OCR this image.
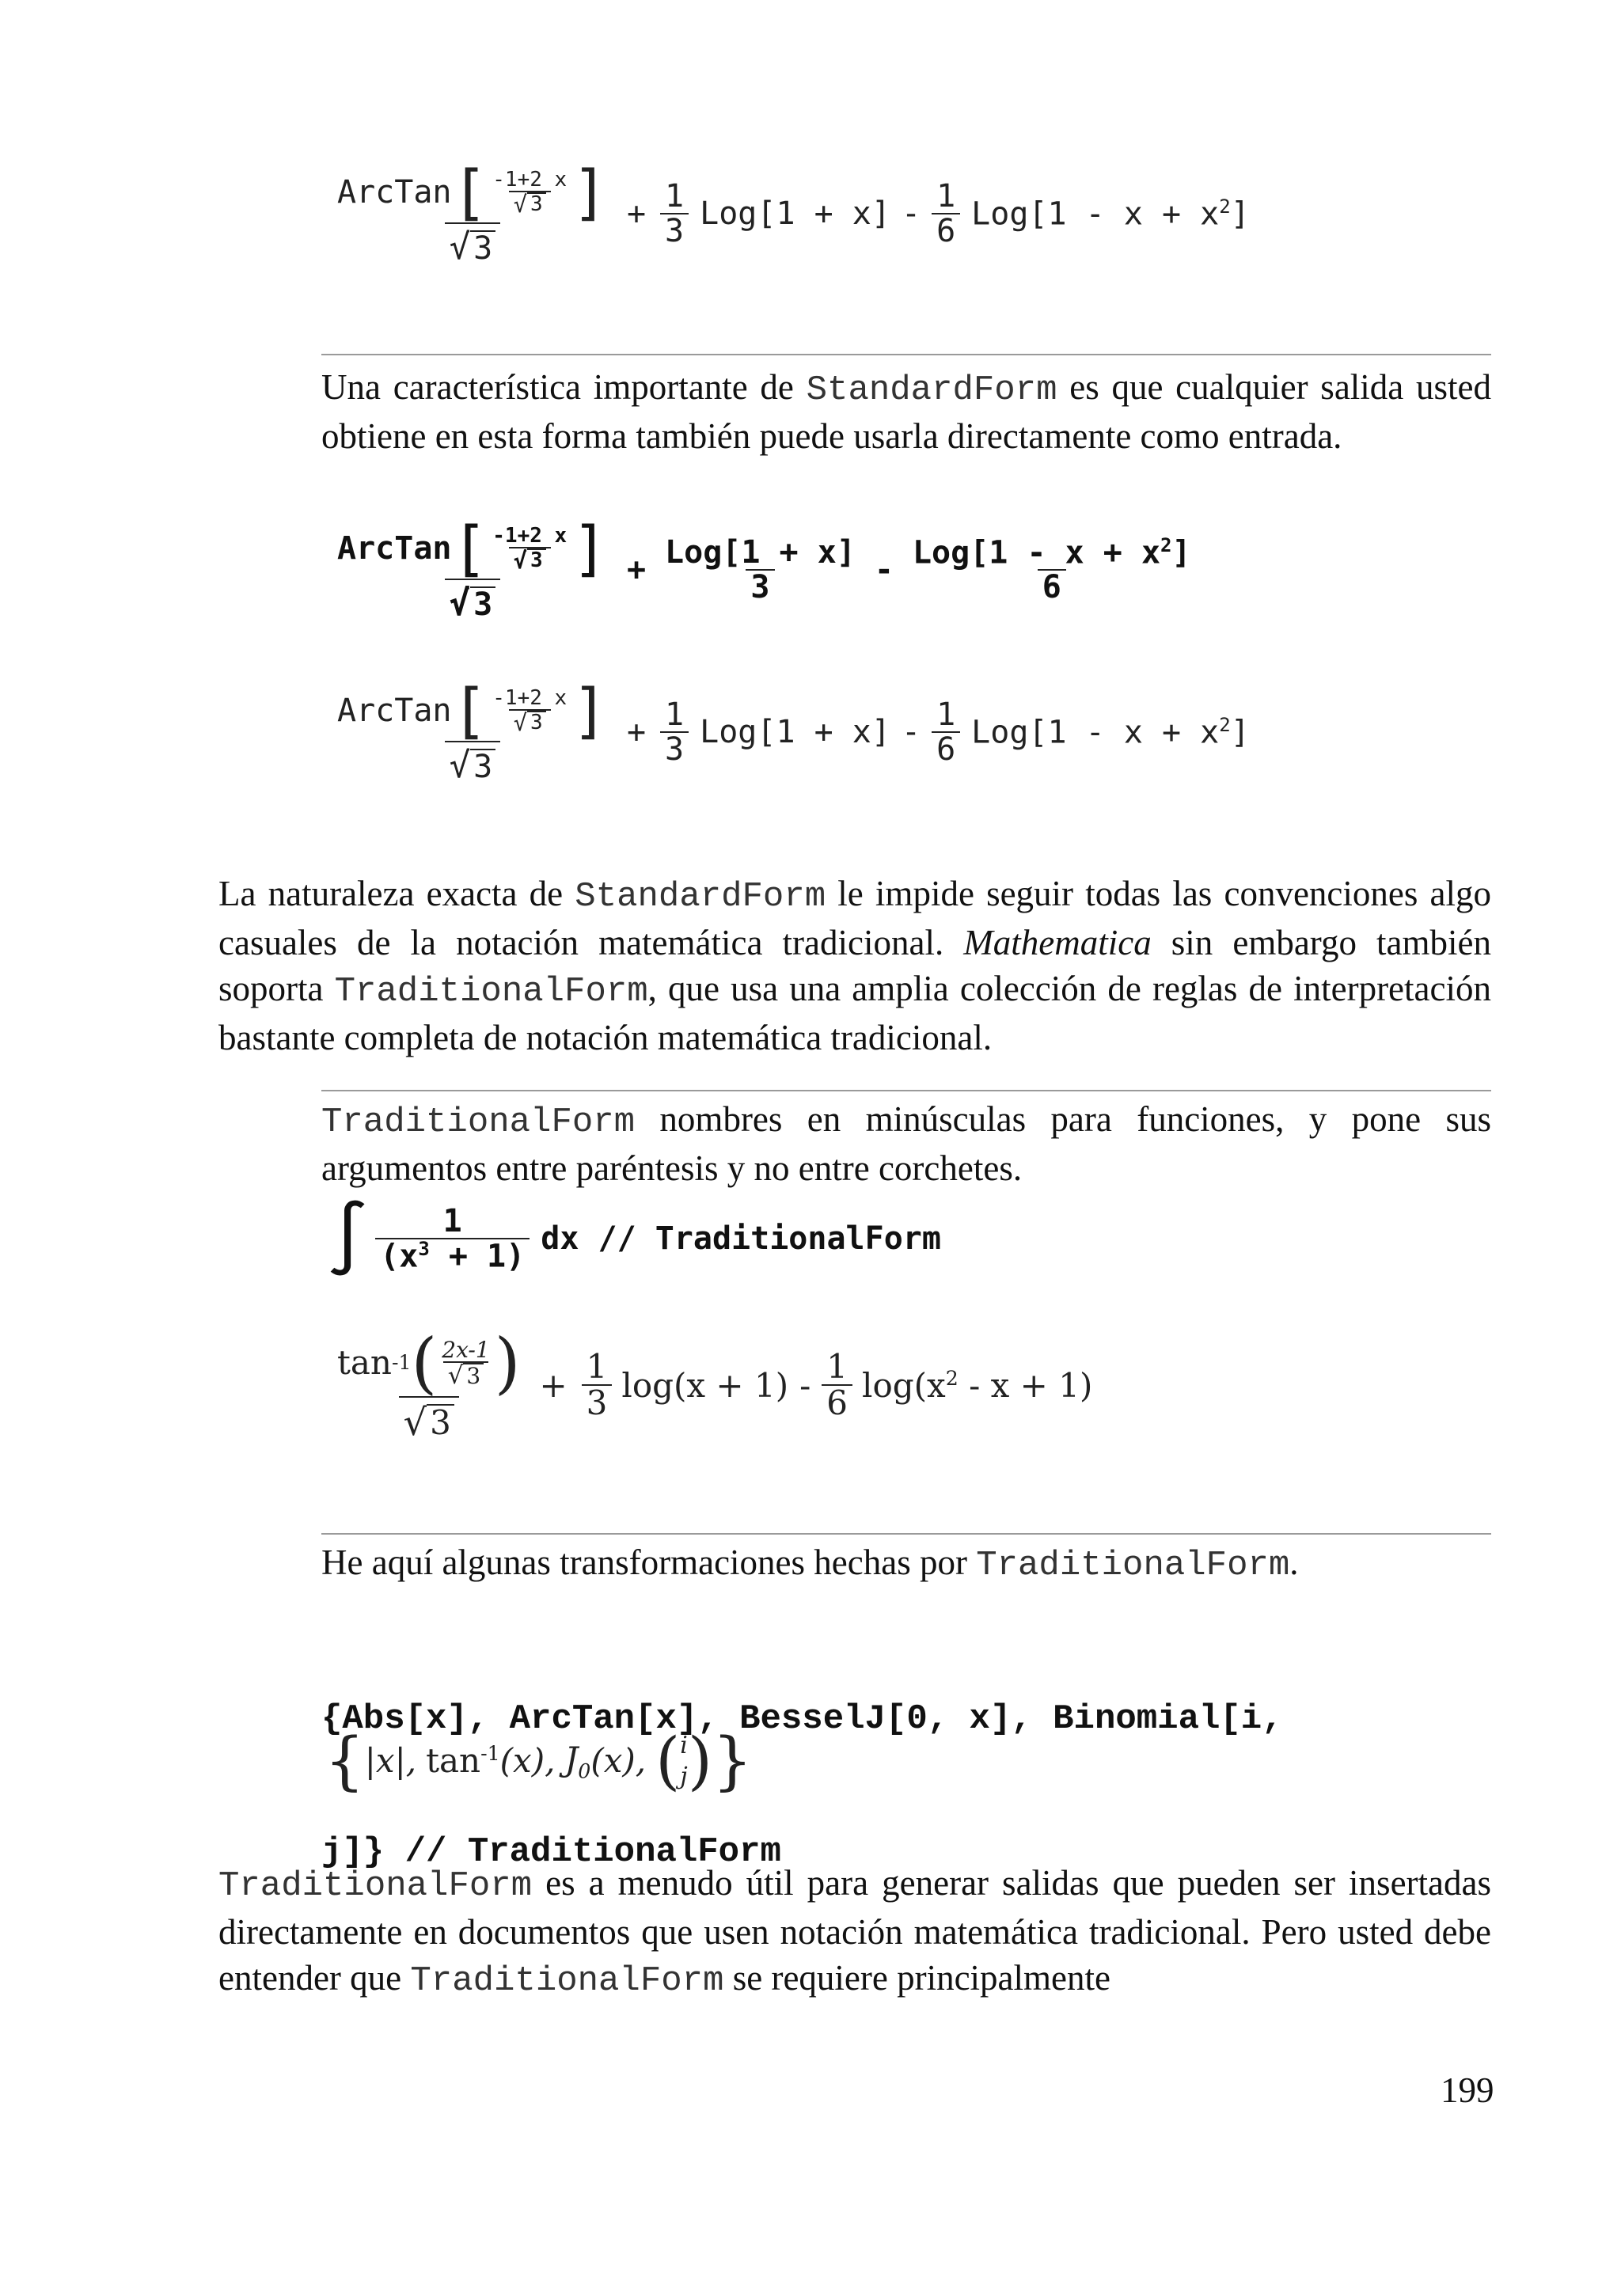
ArcTan [ $\frac{-1+2 x}{√ 3}$ ]
√ 3
+ $\frac{1}{3} Log[1 + x] - \frac{1}{6} Log[1 - x + x^2]$
Una característica importante de StandardForm es que cualquier salida usted obtiene en esta forma también puede usarla directamente como entrada.
$\frac{ArcTan [ \frac{-1+2 x}{√ 3} ]}{√ 3} + \frac{\text{Log[1 + x]}}{3} - \frac{Log[1 - x + x^2]}{6}$
$\frac{ArcTan [ \frac{-1+2 x}{√ 3} ]}{√ 3} + \frac{1}{3} Log[1 + x] - \frac{1}{6} Log[1 - x + x^2]$
La naturaleza exacta de StandardForm le impide seguir todas las convenciones algo casuales de la notación matemática tradicional. Mathematica sin embargo también soporta TraditionalForm, que usa una amplia colección de reglas de interpretación bastante completa de notación matemática tradicional.
TraditionalForm nombres en minúsculas para funciones, y pone sus argumentos entre paréntesis y no entre corchetes.
∫ $\frac{1}{(x^3 + 1)}$ dx // TraditionalForm
$\frac{\tan -1 ( \frac{2x-1}{√ 3} )}{√ 3} + \frac{1}{3} \log(x + 1) - \frac{1}{6} \log(x^2 - x + 1)$
He aquí algunas transformaciones hechas por TraditionalForm.

{Abs[x], ArcTan[x], BesselJ[0, x], Binomial[i,

j]} // TraditionalForm

{ |x|, $\tan^{-1} (x)$, $J_0$ (x), ( i
j ) }
TraditionalForm es a menudo útil para generar salidas que pueden ser insertadas directamente en documentos que usen notación matemática tradicional. Pero usted debe entender que TraditionalForm se requiere principalmente
199
